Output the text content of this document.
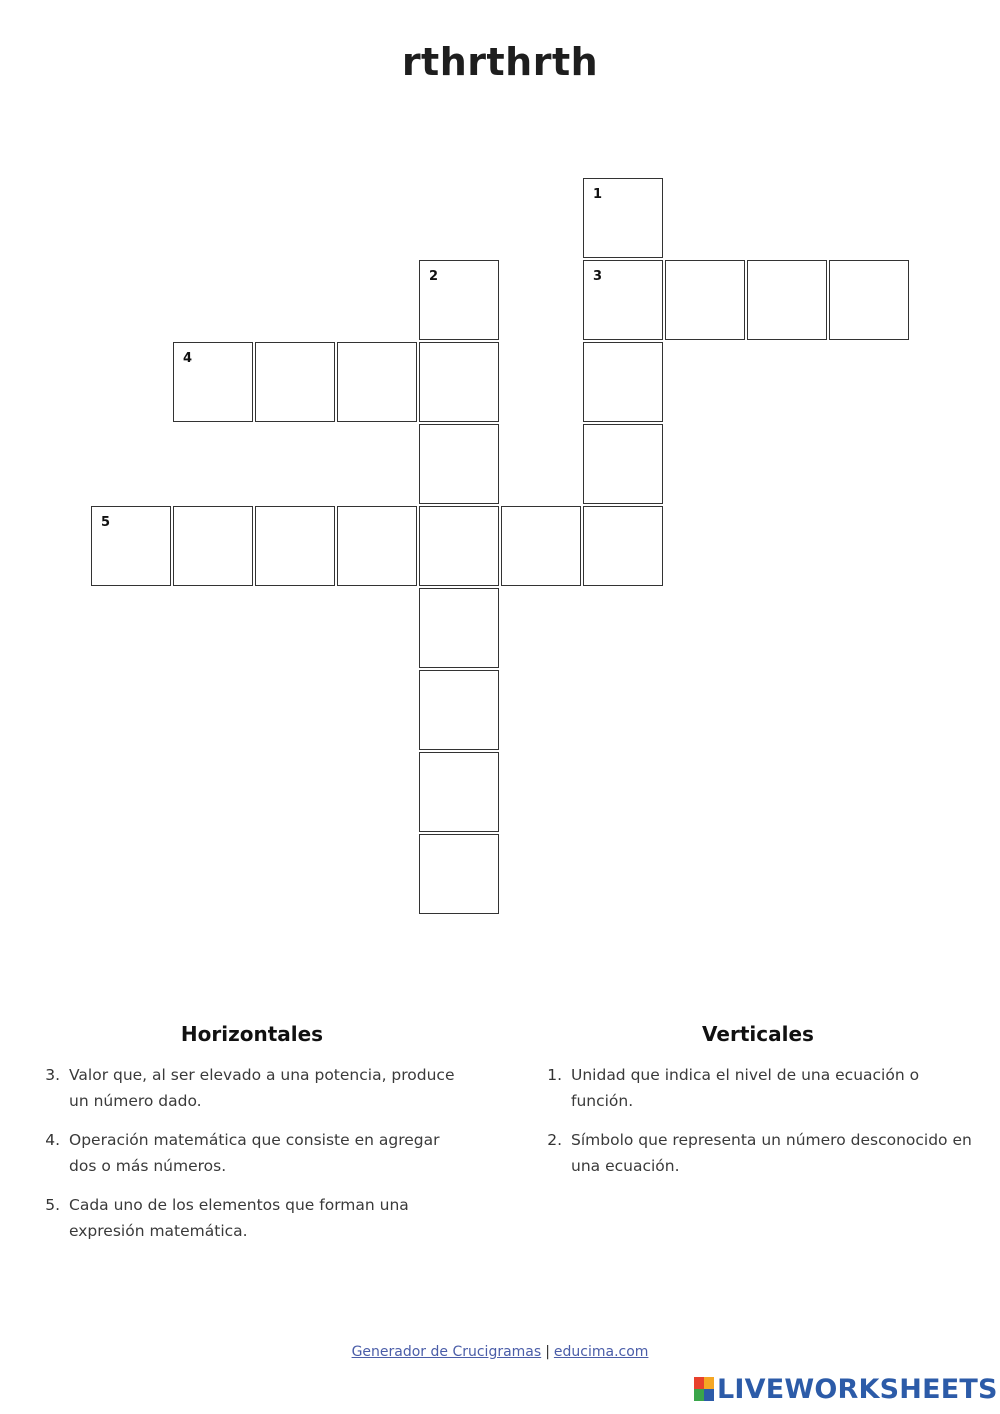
rthrthrth
1
3
2
4
5
Horizontales
3. Valor que, al ser elevado a una potencia, produce un número dado.
4. Operación matemática que consiste en agregar dos o más números.
5. Cada uno de los elementos que forman una expresión matemática.
Verticales
1. Unidad que indica el nivel de una ecuación o función.
2. Símbolo que representa un número desconocido en una ecuación.
Generador de Crucigramas | educima.com
LIVEWORKSHEETS
